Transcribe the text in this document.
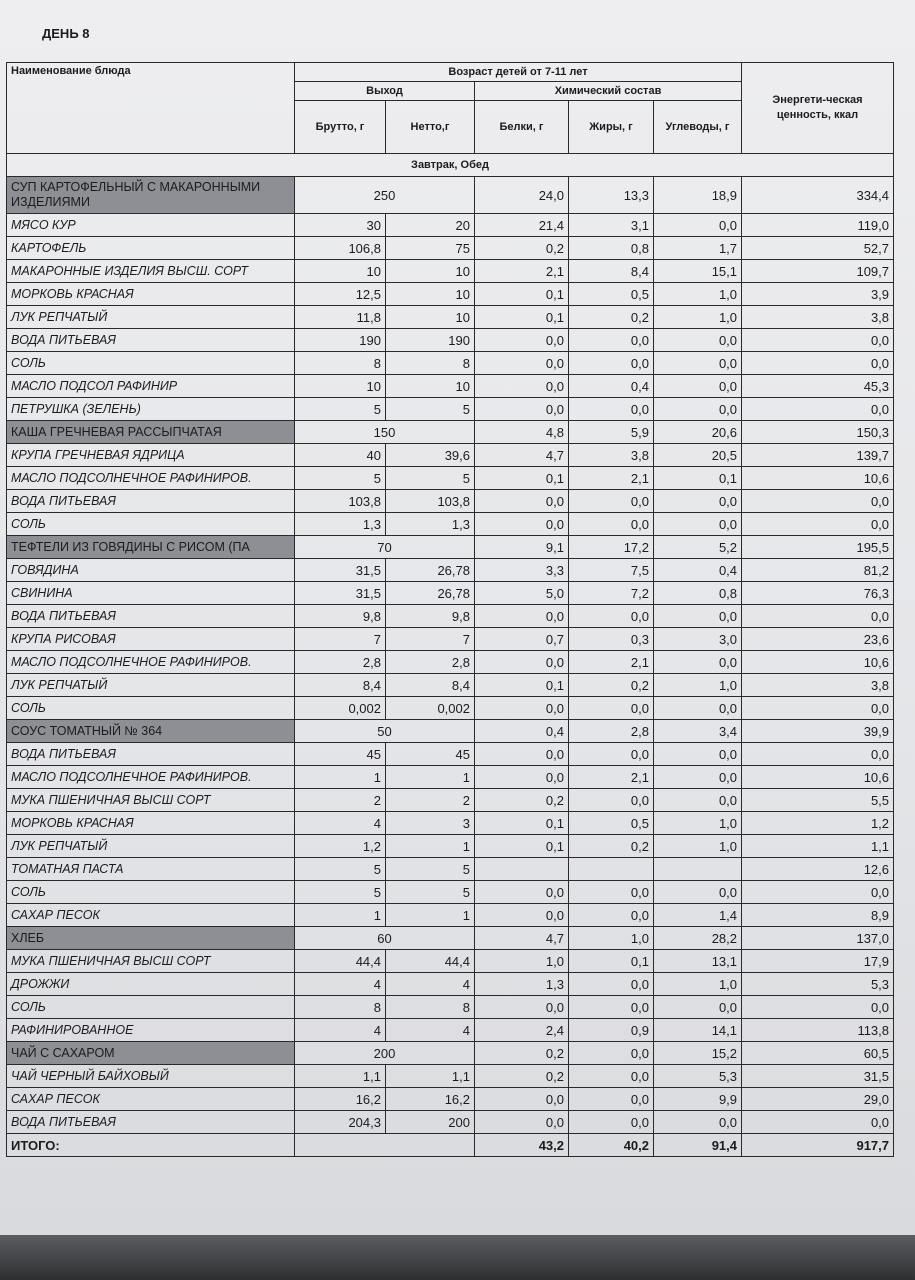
ДЕНЬ 8
Наименование блюда	Возраст детей от 7-11 лет					Энергети-ческая ценность, ккал
	Выход		Химический состав			
	Брутто, г	Нетто,г	Белки, г	Жиры, г	Углеводы, г	
Завтрак, Обед						
СУП КАРТОФЕЛЬНЫЙ С МАКАРОННЫМИ ИЗДЕЛИЯМИ	250		24,0	13,3	18,9	334,4
МЯСО КУР	30	20	21,4	3,1	0,0	119,0
КАРТОФЕЛЬ	106,8	75	0,2	0,8	1,7	52,7
МАКАРОННЫЕ ИЗДЕЛИЯ ВЫСШ. СОРТ	10	10	2,1	8,4	15,1	109,7
МОРКОВЬ КРАСНАЯ	12,5	10	0,1	0,5	1,0	3,9
ЛУК РЕПЧАТЫЙ	11,8	10	0,1	0,2	1,0	3,8
ВОДА ПИТЬЕВАЯ	190	190	0,0	0,0	0,0	0,0
СОЛЬ	8	8	0,0	0,0	0,0	0,0
МАСЛО ПОДСОЛ РАФИНИР	10	10	0,0	0,4	0,0	45,3
ПЕТРУШКА (ЗЕЛЕНЬ)	5	5	0,0	0,0	0,0	0,0
КАША ГРЕЧНЕВАЯ РАССЫПЧАТАЯ	150		4,8	5,9	20,6	150,3
КРУПА ГРЕЧНЕВАЯ ЯДРИЦА	40	39,6	4,7	3,8	20,5	139,7
МАСЛО ПОДСОЛНЕЧНОЕ РАФИНИРОВ.	5	5	0,1	2,1	0,1	10,6
ВОДА ПИТЬЕВАЯ	103,8	103,8	0,0	0,0	0,0	0,0
СОЛЬ	1,3	1,3	0,0	0,0	0,0	0,0
ТЕФТЕЛИ ИЗ ГОВЯДИНЫ С РИСОМ (ПА	70		9,1	17,2	5,2	195,5
ГОВЯДИНА	31,5	26,78	3,3	7,5	0,4	81,2
СВИНИНА	31,5	26,78	5,0	7,2	0,8	76,3
ВОДА ПИТЬЕВАЯ	9,8	9,8	0,0	0,0	0,0	0,0
КРУПА РИСОВАЯ	7	7	0,7	0,3	3,0	23,6
МАСЛО ПОДСОЛНЕЧНОЕ РАФИНИРОВ.	2,8	2,8	0,0	2,1	0,0	10,6
ЛУК РЕПЧАТЫЙ	8,4	8,4	0,1	0,2	1,0	3,8
СОЛЬ	0,002	0,002	0,0	0,0	0,0	0,0
СОУС ТОМАТНЫЙ № 364	50		0,4	2,8	3,4	39,9
ВОДА ПИТЬЕВАЯ	45	45	0,0	0,0	0,0	0,0
МАСЛО ПОДСОЛНЕЧНОЕ РАФИНИРОВ.	1	1	0,0	2,1	0,0	10,6
МУКА ПШЕНИЧНАЯ ВЫСШ СОРТ	2	2	0,2	0,0	0,0	5,5
МОРКОВЬ КРАСНАЯ	4	3	0,1	0,5	1,0	1,2
ЛУК РЕПЧАТЫЙ	1,2	1	0,1	0,2	1,0	1,1
ТОМАТНАЯ ПАСТА	5	5				12,6
СОЛЬ	5	5	0,0	0,0	0,0	0,0
САХАР ПЕСОК	1	1	0,0	0,0	1,4	8,9
ХЛЕБ	60		4,7	1,0	28,2	137,0
МУКА ПШЕНИЧНАЯ ВЫСШ СОРТ	44,4	44,4	1,0	0,1	13,1	17,9
ДРОЖЖИ	4	4	1,3	0,0	1,0	5,3
СОЛЬ	8	8	0,0	0,0	0,0	0,0
РАФИНИРОВАННОЕ	4	4	2,4	0,9	14,1	113,8
ЧАЙ С САХАРОМ	200		0,2	0,0	15,2	60,5
ЧАЙ ЧЕРНЫЙ БАЙХОВЫЙ	1,1	1,1	0,2	0,0	5,3	31,5
САХАР ПЕСОК	16,2	16,2	0,0	0,0	9,9	29,0
ВОДА ПИТЬЕВАЯ	204,3	200	0,0	0,0	0,0	0,0
ИТОГО:			43,2	40,2	91,4	917,7
